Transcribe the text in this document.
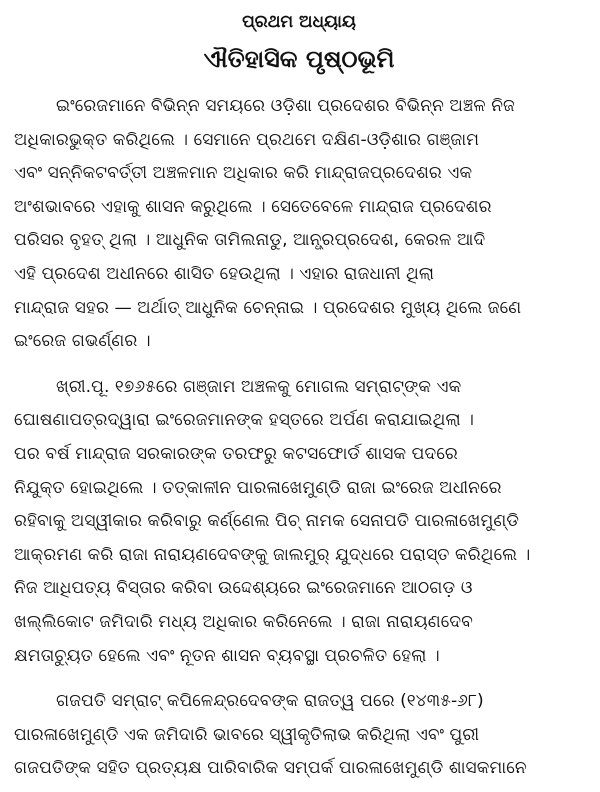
ପ୍ରଥମ ଅଧ୍ୟାୟ
ଐତିହାସିକ ପୃଷ୍ଠଭୂମି

ଇଂରେଜମାନେ ବିଭିନ୍ନ ସମୟରେ ଓଡ଼ିଶା ପ୍ରଦେଶର ବିଭିନ୍ନ ଅଞ୍ଚଳ ନିଜ
ଅଧିକାରଭୁକ୍ତ କରିଥିଲେ । ସେମାନେ ପ୍ରଥମେ ଦକ୍ଷିଣ-ଓଡ଼ିଶାର ଗଞ୍ଜାମ
ଏବଂ ସନ୍ନିକଟବର୍ତ୍ତୀ ଅଞ୍ଚଳମାନ ଅଧିକାର କରି ମାନ୍ଦ୍ରାଜପ୍ରଦେଶର ଏକ
ଅଂଶଭାବରେ ଏହାକୁ ଶାସନ କରୁଥିଲେ । ସେତେବେଳେ ମାନ୍ଦ୍ରାଜ ପ୍ରଦେଶର
ପରିସର ବୃହତ୍ ଥିଲା । ଆଧୁନିକ ତାମିଲନାଡୁ, ଆନ୍ଧ୍ରପ୍ରଦେଶ, କେରଳ ଆଦି
ଏହି ପ୍ରଦେଶ ଅଧୀନରେ ଶାସିତ ହେଉଥିଲା । ଏହାର ରାଜଧାନୀ ଥିଲା
ମାନ୍ଦ୍ରାଜ ସହର — ଅର୍ଥାତ୍ ଆଧୁନିକ ଚେନ୍ନାଇ । ପ୍ରଦେଶର ମୁଖ୍ୟ ଥିଲେ ଜଣେ
ଇଂରେଜ ଗଭର୍ଣ୍ଣର ।

ଖ୍ରୀ.ପୂ. ୧୭୬୫ରେ ଗଞ୍ଜାମ ଅଞ୍ଚଳକୁ ମୋଗଲ ସମ୍ରାଟ୍‌ଙ୍କ ଏକ
ଘୋଷଣାପତ୍ରଦ୍ୱାରା ଇଂରେଜମାନଙ୍କ ହସ୍ତରେ ଅର୍ପଣ କରାଯାଇଥିଲା ।
ପର ବର୍ଷ ମାନ୍ଦ୍ରାଜ ସରକାରଙ୍କ ତରଫରୁ କଟସଫୋର୍ଡ ଶାସକ ପଦରେ
ନିଯୁକ୍ତ ହୋଇଥିଲେ । ତତ୍କାଳୀନ ପାରଳାଖେମୁଣ୍ଡି ରାଜା ଇଂରେଜ ଅଧୀନରେ
ରହିବାକୁ ଅସ୍ୱୀକାର କରିବାରୁ କର୍ଣ୍ଣେଲ ପିଚ୍ ନାମକ ସେନାପତି ପାରଳାଖେମୁଣ୍ଡି
ଆକ୍ରମଣ କରି ରାଜା ନାରାୟଣଦେବଙ୍କୁ ଜାଲମୁର୍ ଯୁଦ୍ଧରେ ପରାସ୍ତ କରିଥିଲେ ।
ନିଜ ଆଧିପତ୍ୟ ବିସ୍ତାର କରିବା ଉଦ୍ଦେଶ୍ୟରେ ଇଂରେଜମାନେ ଆଠଗଡ଼ ଓ
ଖଲ୍ଲିକୋଟ ଜମିଦାରି ମଧ୍ୟ ଅଧିକାର କରିନେଲେ । ରାଜା ନାରାୟଣଦେବ
କ୍ଷମତାଚ୍ୟୁତ ହେଲେ ଏବଂ ନୂତନ ଶାସନ ବ୍ୟବସ୍ଥା ପ୍ରଚଳିତ ହେଲା ।

ଗଜପତି ସମ୍ରାଟ୍ କପିଳେନ୍ଦ୍ରଦେବଙ୍କ ରାଜତ୍ୱ ପରେ (୧୪୩୫-୬୮)
ପାରଳାଖେମୁଣ୍ଡି ଏକ ଜମିଦାରି ଭାବରେ ସ୍ୱୀକୃତିଲାଭ କରିଥିଲା ଏବଂ ପୁରୀ
ଗଜପତିଙ୍କ ସହିତ ପ୍ରତ୍ୟକ୍ଷ ପାରିବାରିକ ସମ୍ପର୍କ ପାରଳାଖେମୁଣ୍ଡି ଶାସକମାନେ
